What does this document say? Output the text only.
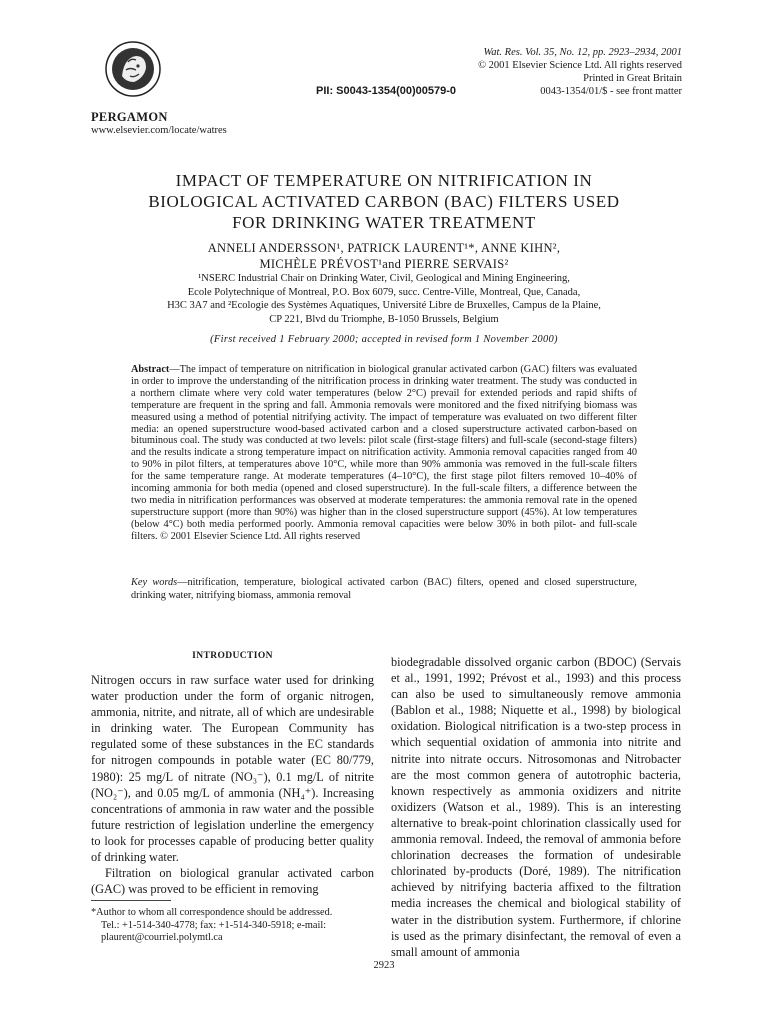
Wat. Res. Vol. 35, No. 12, pp. 2923–2934, 2001
© 2001 Elsevier Science Ltd. All rights reserved
Printed in Great Britain
0043-1354/01/$ - see front matter
PII: S0043-1354(00)00579-0
PERGAMON
www.elsevier.com/locate/watres
IMPACT OF TEMPERATURE ON NITRIFICATION IN
BIOLOGICAL ACTIVATED CARBON (BAC) FILTERS USED
FOR DRINKING WATER TREATMENT
ANNELI ANDERSSON¹, PATRICK LAURENT¹*, ANNE KIHN²,
MICHÈLE PRÉVOST¹and PIERRE SERVAIS²
¹NSERC Industrial Chair on Drinking Water, Civil, Geological and Mining Engineering,
Ecole Polytechnique of Montreal, P.O. Box 6079, succ. Centre-Ville, Montreal, Que, Canada,
H3C 3A7 and ²Ecologie des Systèmes Aquatiques, Université Libre de Bruxelles, Campus de la Plaine,
CP 221, Blvd du Triomphe, B-1050 Brussels, Belgium
(First received 1 February 2000; accepted in revised form 1 November 2000)
Abstract—The impact of temperature on nitrification in biological granular activated carbon (GAC) filters was evaluated in order to improve the understanding of the nitrification process in drinking water treatment. The study was conducted in a northern climate where very cold water temperatures (below 2°C) prevail for extended periods and rapid shifts of temperature are frequent in the spring and fall. Ammonia removals were monitored and the fixed nitrifying biomass was measured using a method of potential nitrifying activity. The impact of temperature was evaluated on two different filter media: an opened superstructure wood-based activated carbon and a closed superstructure activated carbon-based on bituminous coal. The study was conducted at two levels: pilot scale (first-stage filters) and full-scale (second-stage filters) and the results indicate a strong temperature impact on nitrification activity. Ammonia removal capacities ranged from 40 to 90% in pilot filters, at temperatures above 10°C, while more than 90% ammonia was removed in the full-scale filters for the same temperature range. At moderate temperatures (4–10°C), the first stage pilot filters removed 10–40% of incoming ammonia for both media (opened and closed superstructure). In the full-scale filters, a difference between the two media in nitrification performances was observed at moderate temperatures: the ammonia removal rate in the opened superstructure support (more than 90%) was higher than in the closed superstructure support (45%). At low temperatures (below 4°C) both media performed poorly. Ammonia removal capacities were below 30% in both pilot- and full-scale filters. © 2001 Elsevier Science Ltd. All rights reserved
Key words—nitrification, temperature, biological activated carbon (BAC) filters, opened and closed superstructure, drinking water, nitrifying biomass, ammonia removal
INTRODUCTION

Nitrogen occurs in raw surface water used for drinking water production under the form of organic nitrogen, ammonia, nitrite, and nitrate, all of which are undesirable in drinking water. The European Community has regulated some of these substances in the EC standards for nitrogen compounds in potable water (EC 80/779, 1980): 25 mg/L of nitrate (NO₃⁻), 0.1 mg/L of nitrite (NO₂⁻), and 0.05 mg/L of ammonia (NH₄⁺). Increasing concentrations of ammonia in raw water and the possible future restriction of legislation underline the emergency to look for processes capable of producing better quality of drinking water.

Filtration on biological granular activated carbon (GAC) was proved to be efficient in removing

biodegradable dissolved organic carbon (BDOC) (Servais et al., 1991, 1992; Prévost et al., 1993) and this process can also be used to simultaneously remove ammonia (Bablon et al., 1988; Niquette et al., 1998) by biological oxidation. Biological nitrification is a two-step process in which sequential oxidation of ammonia into nitrite and nitrite into nitrate occurs. Nitrosomonas and Nitrobacter are the most common genera of autotrophic bacteria, known respectively as ammonia oxidizers and nitrite oxidizers (Watson et al., 1989). This is an interesting alternative to break-point chlorination classically used for ammonia removal. Indeed, the removal of ammonia before chlorination decreases the formation of undesirable chlorinated by-products (Doré, 1989). The nitrification achieved by nitrifying bacteria affixed to the filtration media increases the chemical and biological stability of water in the distribution system. Furthermore, if chlorine is used as the primary disinfectant, the removal of even a small amount of ammonia

*Author to whom all correspondence should be addressed.
Tel.: +1-514-340-4778; fax: +1-514-340-5918; e-mail:
plaurent@courriel.polymtl.ca
2923
